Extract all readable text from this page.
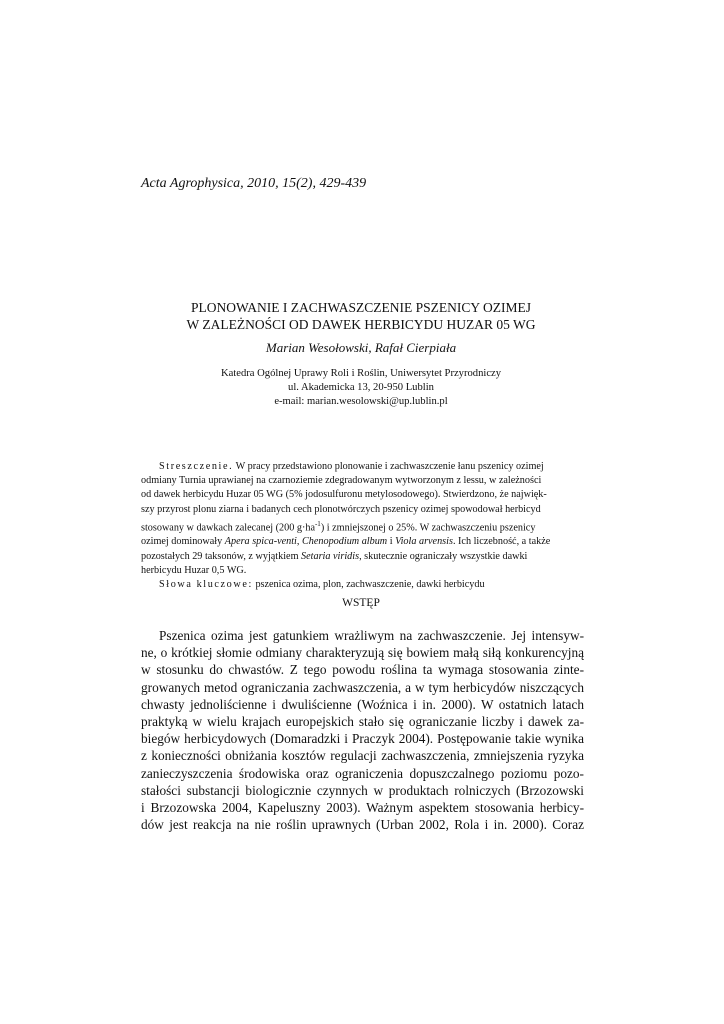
Acta Agrophysica, 2010, 15(2), 429-439
PLONOWANIE I ZACHWASZCZENIE PSZENICY OZIMEJ
W ZALEŻNOŚCI OD DAWEK HERBICYDU HUZAR 05 WG
Marian Wesołowski, Rafał Cierpiała
Katedra Ogólnej Uprawy Roli i Roślin, Uniwersytet Przyrodniczy
ul. Akademicka 13, 20-950 Lublin
e-mail: marian.wesolowski@up.lublin.pl
Streszczenie. W pracy przedstawiono plonowanie i zachwaszczenie łanu pszenicy ozimej
odmiany Turnia uprawianej na czarnoziemie zdegradowanym wytworzonym z lessu, w zależności
od dawek herbicydu Huzar 05 WG (5% jodosulfuronu metylosodowego). Stwierdzono, że najwięk-
szy przyrost plonu ziarna i badanych cech plonotwórczych pszenicy ozimej spowodował herbicyd
stosowany w dawkach zalecanej (200 $g\cdot ha^{-1}$) i zmniejszonej o 25%. W zachwaszczeniu pszenicy
ozimej dominowały Apera spica-venti, Chenopodium album i Viola arvensis. Ich liczebność, a także
pozostałych 29 taksonów, z wyjątkiem Setaria viridis, skutecznie ograniczały wszystkie dawki
herbicydu Huzar 0,5 WG.
Słowa kluczowe: pszenica ozima, plon, zachwaszczenie, dawki herbicydu
WSTĘP
Pszenica ozima jest gatunkiem wrażliwym na zachwaszczenie. Jej intensyw-
ne, o krótkiej słomie odmiany charakteryzują się bowiem małą siłą konkurencyjną
w stosunku do chwastów. Z tego powodu roślina ta wymaga stosowania zinte-
growanych metod ograniczania zachwaszczenia, a w tym herbicydów niszczących
chwasty jednoliścienne i dwuliścienne (Woźnica i in. 2000). W ostatnich latach
praktyką w wielu krajach europejskich stało się ograniczanie liczby i dawek za-
biegów herbicydowych (Domaradzki i Praczyk 2004). Postępowanie takie wynika
z konieczności obniżania kosztów regulacji zachwaszczenia, zmniejszenia ryzyka
zanieczyszczenia środowiska oraz ograniczenia dopuszczalnego poziomu pozo-
stałości substancji biologicznie czynnych w produktach rolniczych (Brzozowski
i Brzozowska 2004, Kapeluszny 2003). Ważnym aspektem stosowania herbicy-
dów jest reakcja na nie roślin uprawnych (Urban 2002, Rola i in. 2000). Coraz
